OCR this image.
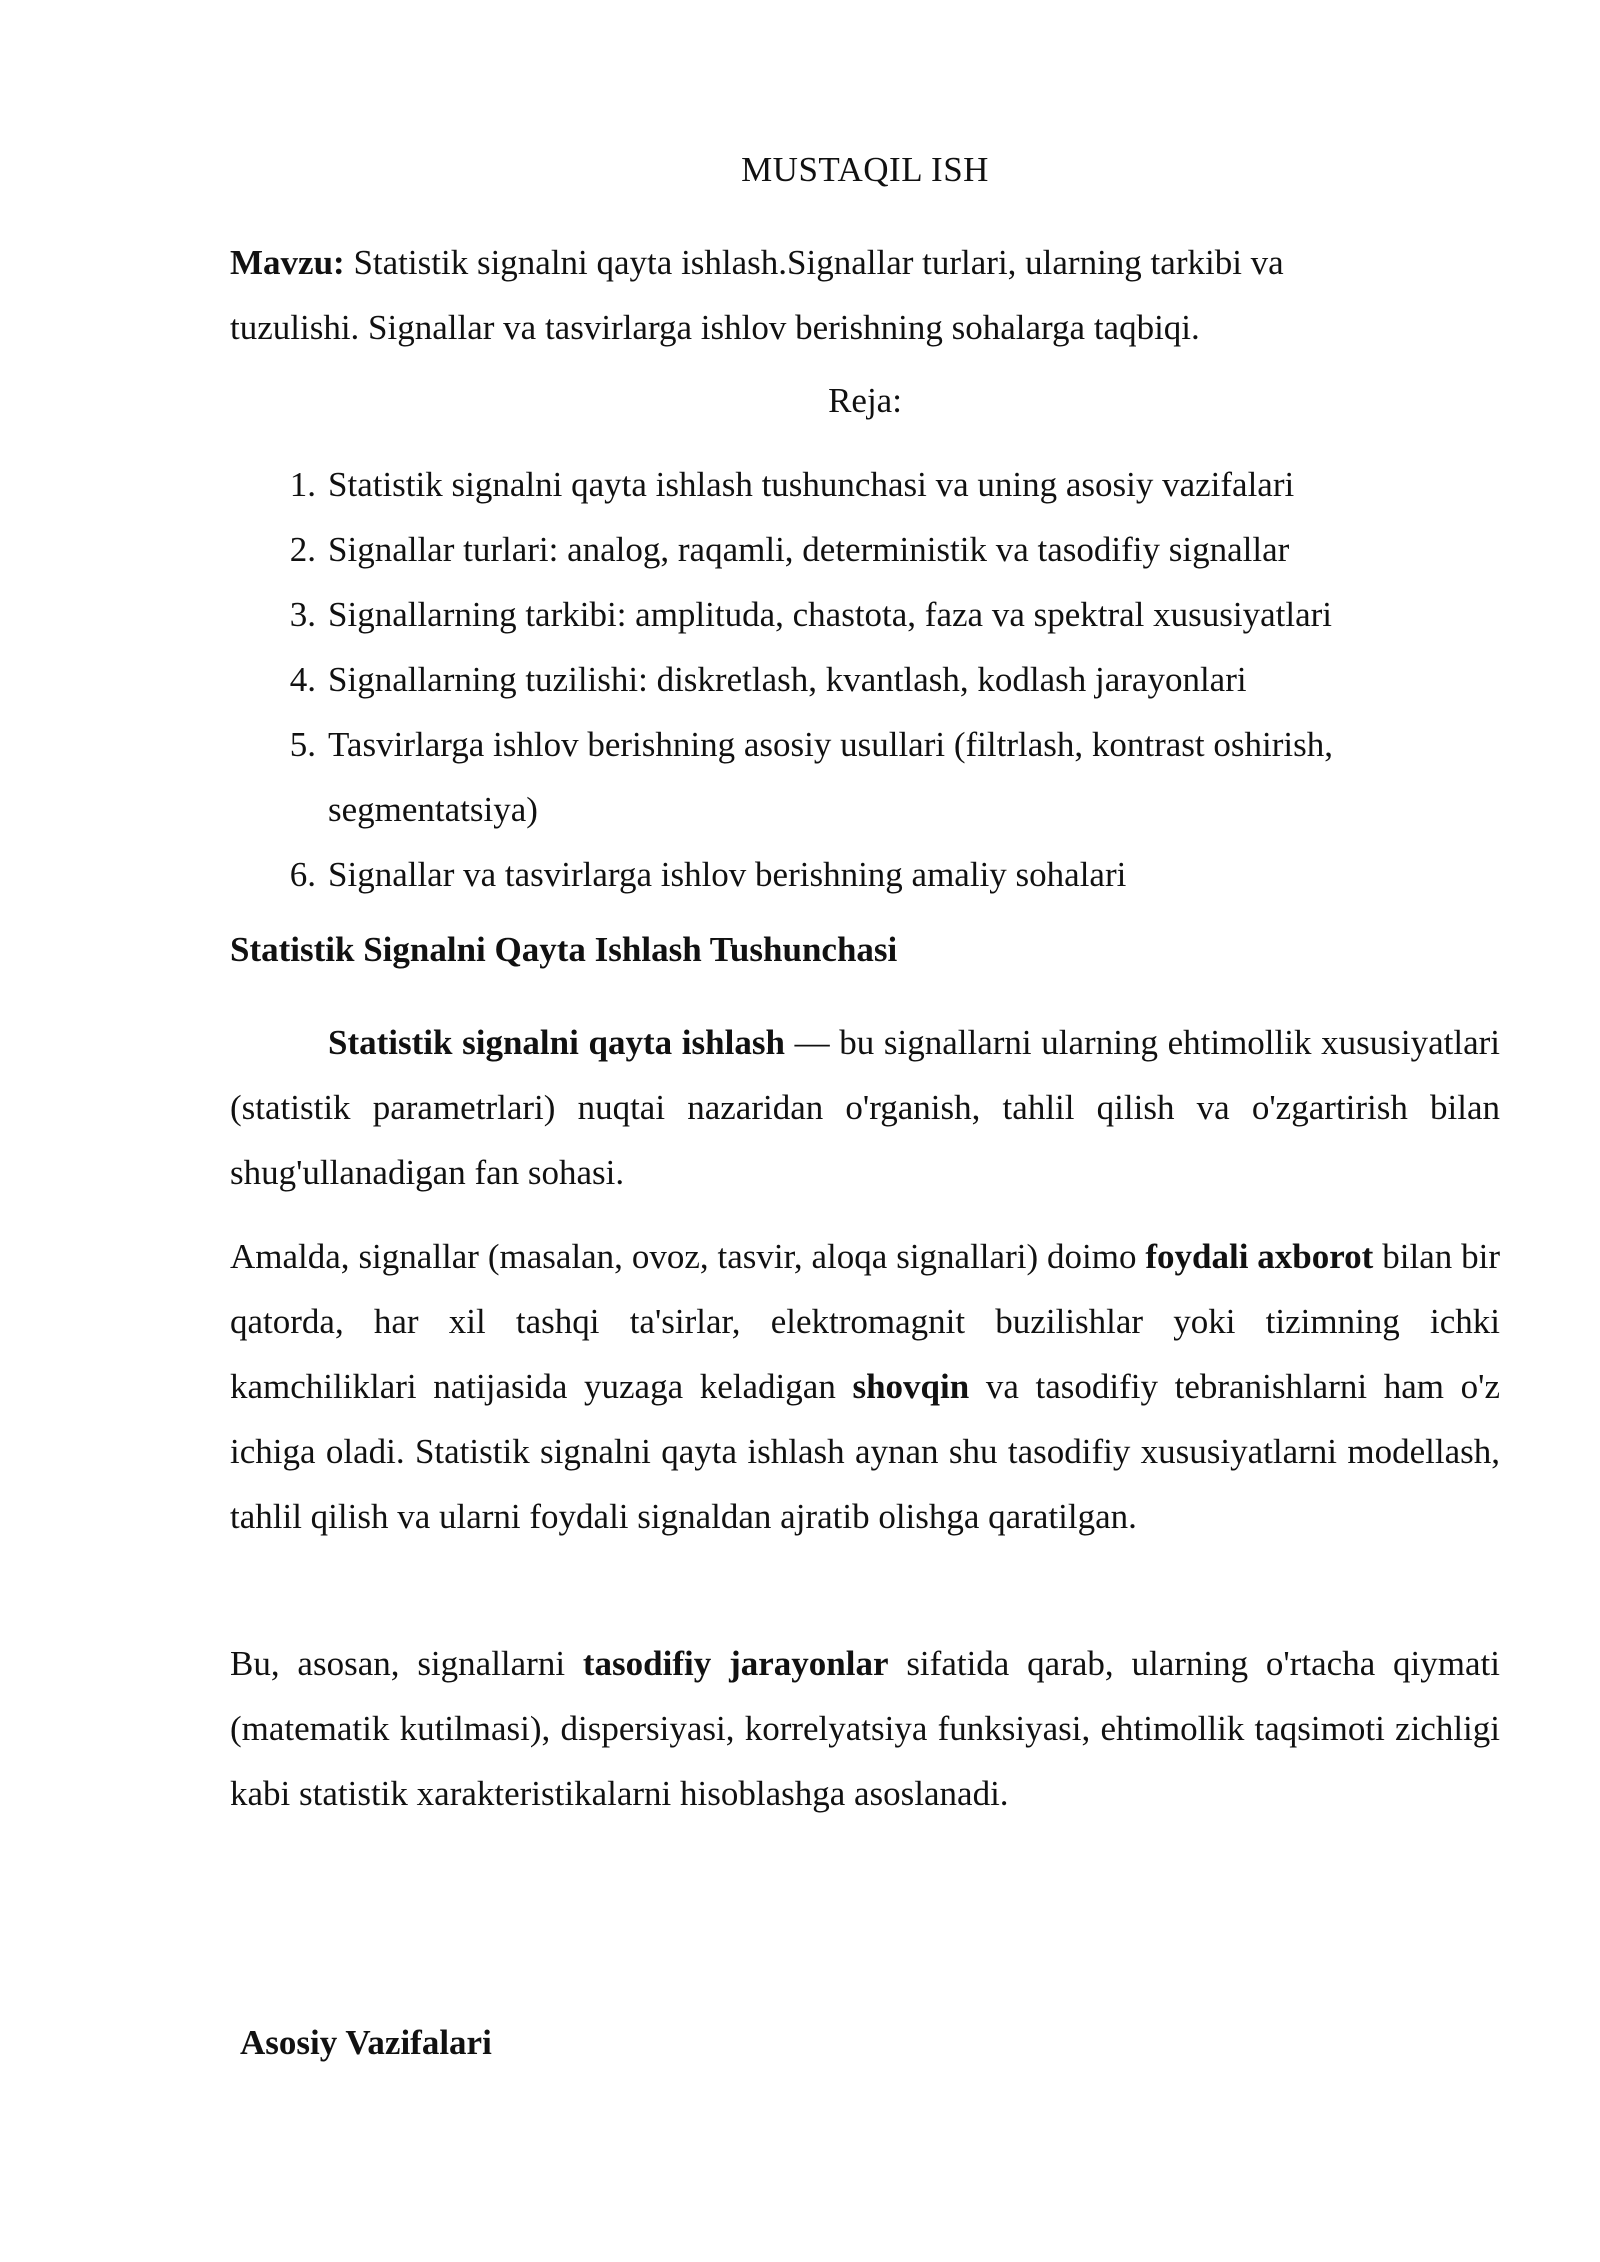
MUSTAQIL ISH
Mavzu: Statistik signalni qayta ishlash.Signallar turlari, ularning tarkibi va tuzulishi. Signallar va tasvirlarga ishlov berishning sohalarga taqbiqi.
Reja:
1. Statistik signalni qayta ishlash tushunchasi va uning asosiy vazifalari
2. Signallar turlari: analog, raqamli, deterministik va tasodifiy signallar
3. Signallarning tarkibi: amplituda, chastota, faza va spektral xususiyatlari
4. Signallarning tuzilishi: diskretlash, kvantlash, kodlash jarayonlari
5. Tasvirlarga ishlov berishning asosiy usullari (filtrlash, kontrast oshirish, segmentatsiya)
6. Signallar va tasvirlarga ishlov berishning amaliy sohalari
Statistik Signalni Qayta Ishlash Tushunchasi

Statistik signalni qayta ishlash — bu signallarni ularning ehtimollik xususiyatlari (statistik parametrlari) nuqtai nazaridan o'rganish, tahlil qilish va o'zgartirish bilan shug'ullanadigan fan sohasi.

Amalda, signallar (masalan, ovoz, tasvir, aloqa signallari) doimo foydali axborot bilan bir qatorda, har xil tashqi ta'sirlar, elektromagnit buzilishlar yoki tizimning ichki kamchiliklari natijasida yuzaga keladigan shovqin va tasodifiy tebranishlarni ham o'z ichiga oladi. Statistik signalni qayta ishlash aynan shu tasodifiy xususiyatlarni modellash, tahlil qilish va ularni foydali signaldan ajratib olishga qaratilgan.

Bu, asosan, signallarni tasodifiy jarayonlar sifatida qarab, ularning o'rtacha qiymati (matematik kutilmasi), dispersiyasi, korrelyatsiya funksiyasi, ehtimollik taqsimoti zichligi kabi statistik xarakteristikalarni hisoblashga asoslanadi.

Asosiy Vazifalari
